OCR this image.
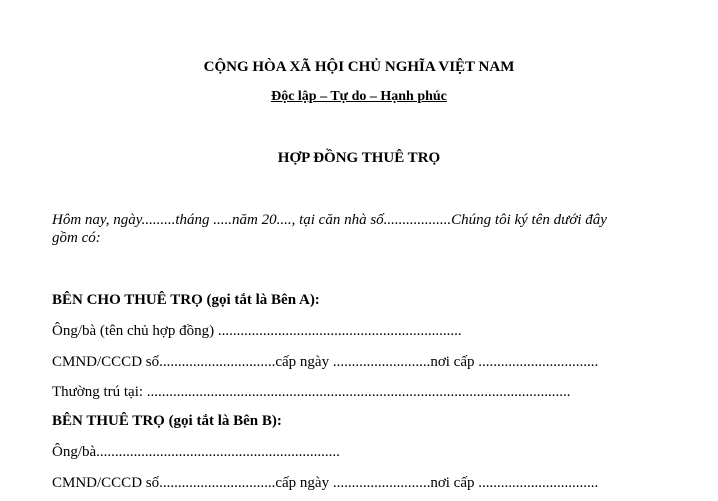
CỘNG HÒA XÃ HỘI CHỦ NGHĨA VIỆT NAM
Độc lập – Tự do – Hạnh phúc
HỢP ĐỒNG THUÊ TRỌ
Hôm nay, ngày.........tháng .....năm 20...., tại căn nhà số..................Chúng tôi ký tên dưới đây
gồm có:
BÊN CHO THUÊ TRỌ (gọi tắt là Bên A):
Ông/bà (tên chủ hợp đồng) .................................................................
CMND/CCCD số...............................cấp ngày ..........................nơi cấp ................................
Thường trú tại: .................................................................................................................
BÊN THUÊ TRỌ (gọi tắt là Bên B):
Ông/bà.................................................................
CMND/CCCD số...............................cấp ngày ..........................nơi cấp ................................
